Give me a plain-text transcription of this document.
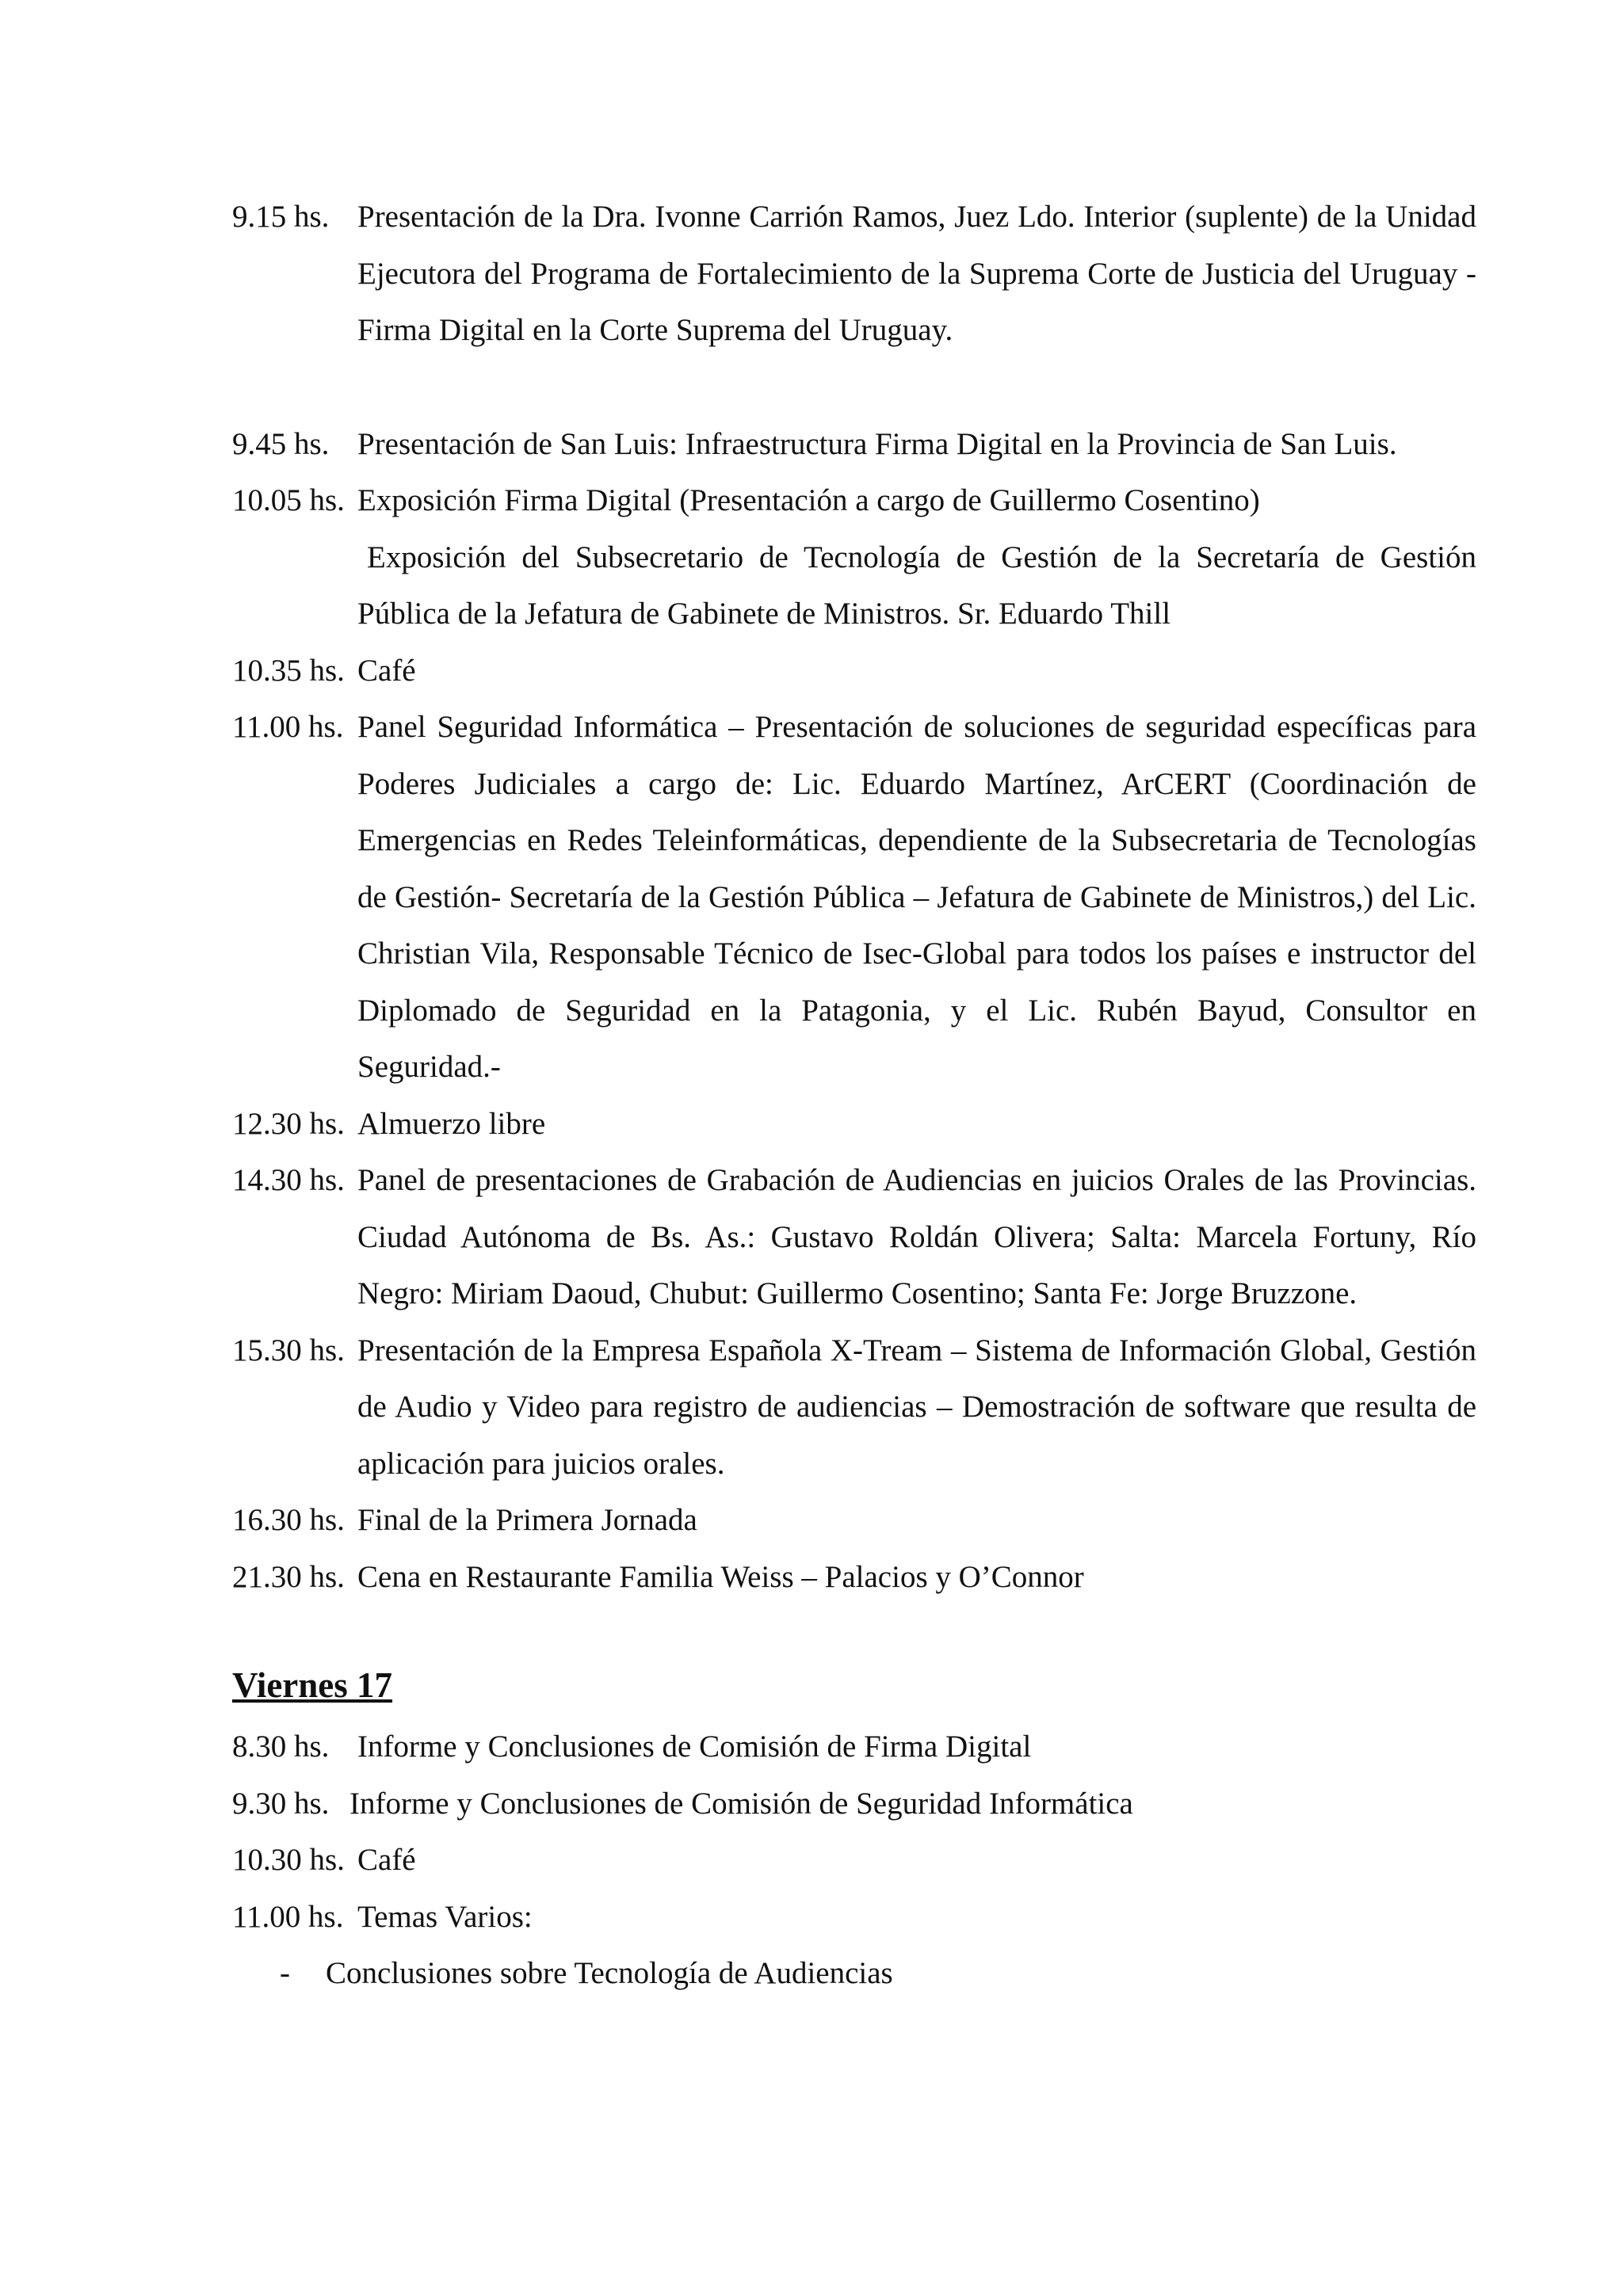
9.15 hs. Presentación de la Dra. Ivonne Carrión Ramos, Juez Ldo. Interior (suplente) de la Unidad Ejecutora del Programa de Fortalecimiento de la Suprema Corte de Justicia del Uruguay - Firma Digital en la Corte Suprema del Uruguay.
9.45 hs. Presentación de San Luis: Infraestructura Firma Digital en la Provincia de San Luis.
10.05 hs. Exposición Firma Digital (Presentación a cargo de Guillermo Cosentino)
Exposición del Subsecretario de Tecnología de Gestión de la Secretaría de Gestión Pública de la Jefatura de Gabinete de Ministros. Sr. Eduardo Thill
10.35 hs. Café
11.00 hs. Panel Seguridad Informática – Presentación de soluciones de seguridad específicas para Poderes Judiciales a cargo de: Lic. Eduardo Martínez, ArCERT (Coordinación de Emergencias en Redes Teleinformáticas, dependiente de la Subsecretaria de Tecnologías de Gestión- Secretaría de la Gestión Pública – Jefatura de Gabinete de Ministros,) del Lic. Christian Vila, Responsable Técnico de Isec-Global para todos los países e instructor del Diplomado de Seguridad en la Patagonia, y el Lic. Rubén Bayud, Consultor en Seguridad.-
12.30 hs. Almuerzo libre
14.30 hs. Panel de presentaciones de Grabación de Audiencias en juicios Orales de las Provincias. Ciudad Autónoma de Bs. As.: Gustavo Roldán Olivera; Salta: Marcela Fortuny, Río Negro: Miriam Daoud, Chubut: Guillermo Cosentino; Santa Fe: Jorge Bruzzone.
15.30 hs. Presentación de la Empresa Española X-Tream – Sistema de Información Global, Gestión de Audio y Video para registro de audiencias – Demostración de software que resulta de aplicación para juicios orales.
16.30 hs. Final de la Primera Jornada
21.30 hs. Cena en Restaurante Familia Weiss – Palacios y O’Connor
Viernes 17
8.30 hs. Informe y Conclusiones de Comisión de Firma Digital
9.30 hs. Informe y Conclusiones de Comisión de Seguridad Informática
10.30 hs. Café
11.00 hs. Temas Varios:
-	Conclusiones sobre Tecnología de Audiencias
